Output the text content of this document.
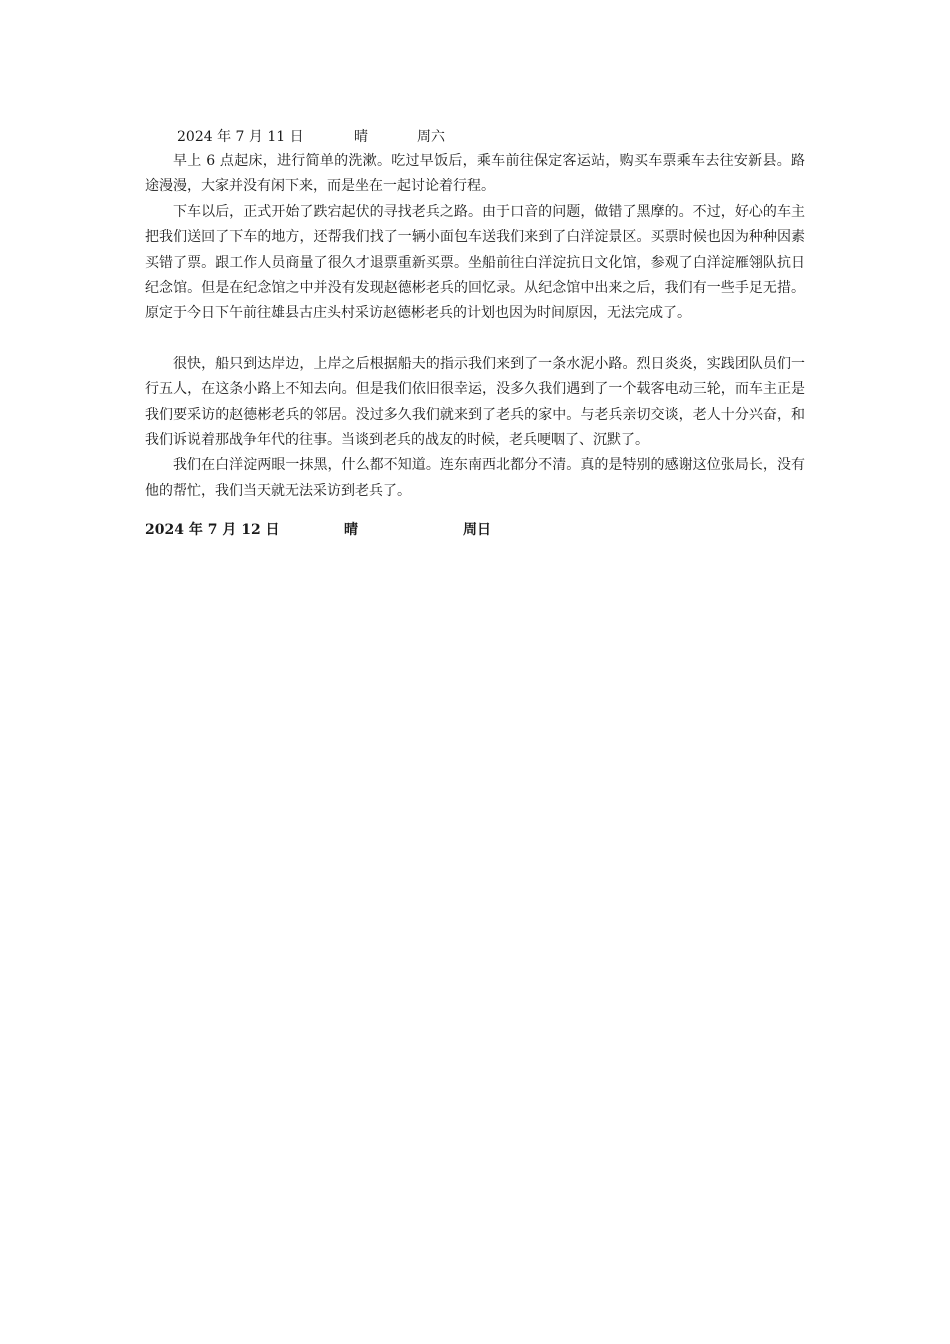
2024 年 7 月 11 日	晴	周六

早上 6 点起床，进行简单的洗漱。吃过早饭后，乘车前往保定客运站，购买车票乘车去往安新县。路途漫漫，大家并没有闲下来，而是坐在一起讨论着行程。

下车以后，正式开始了跌宕起伏的寻找老兵之路。由于口音的问题，做错了黑摩的。不过，好心的车主把我们送回了下车的地方，还帮我们找了一辆小面包车送我们来到了白洋淀景区。买票时候也因为种种因素买错了票。跟工作人员商量了很久才退票重新买票。坐船前往白洋淀抗日文化馆，参观了白洋淀雁翎队抗日纪念馆。但是在纪念馆之中并没有发现赵德彬老兵的回忆录。从纪念馆中出来之后，我们有一些手足无措。原定于今日下午前往雄县古庄头村采访赵德彬老兵的计划也因为时间原因，无法完成了。

很快，船只到达岸边，上岸之后根据船夫的指示我们来到了一条水泥小路。烈日炎炎，实践团队员们一行五人，在这条小路上不知去向。但是我们依旧很幸运，没多久我们遇到了一个载客电动三轮，而车主正是我们要采访的赵德彬老兵的邻居。没过多久我们就来到了老兵的家中。与老兵亲切交谈，老人十分兴奋，和我们诉说着那战争年代的往事。当谈到老兵的战友的时候，老兵哽咽了、沉默了。

我们在白洋淀两眼一抹黑，什么都不知道。连东南西北都分不清。真的是特别的感谢这位张局长，没有他的帮忙，我们当天就无法采访到老兵了。

2024 年 7 月 12 日	晴	周日
